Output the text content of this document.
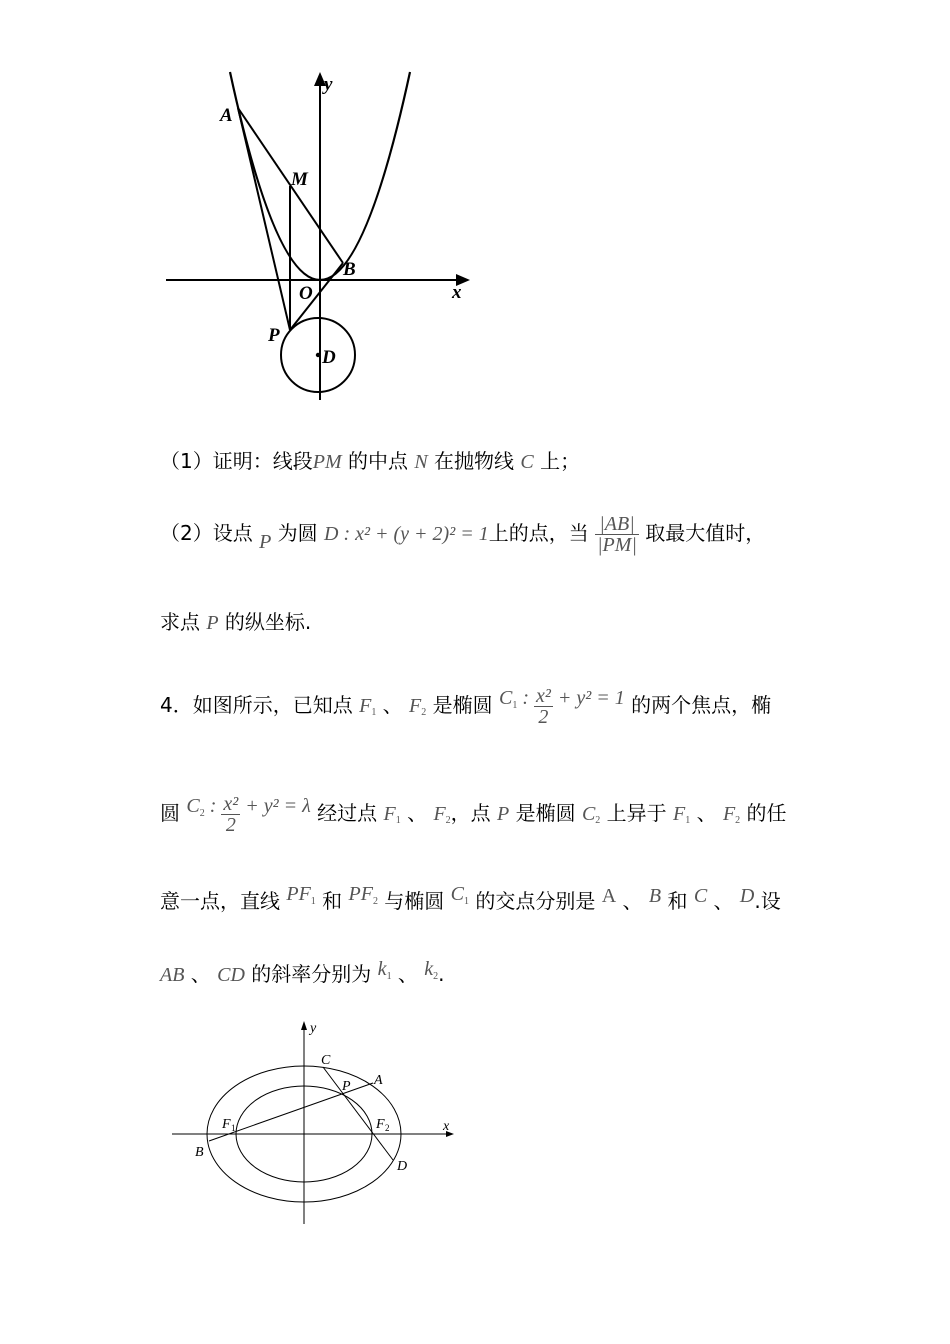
y
x
A
M
B
O
P
D
（1）证明：线段PM 的中点 N 在抛物线 C 上；
（2）设点 P 为圆 D : x² + (y + 2)² = 1上的点，当 $\frac{|AB|}{|PM|}$ 取最大值时，
求点 P 的纵坐标.
4．如图所示，已知点 $F_1$ 、 $F_2$ 是椭圆 $C^1$ : $\frac{\text{x²}}{2} + y^2 = 1$ 的两个焦点，椭
圆 $C^2$ : $\frac{\text{x²}}{2} + y^2 = \lambda$ 经过点 $F_1$ 、 $F_2$，点 P 是椭圆 $C_2$ 上异于 $F_1$ 、 $F_2$ 的任
意一点，直线 $PF^1$ 和 $PF^2$ 与椭圆 $C^1$ 的交点分别是 A 、 B 和 C 、 D.设
AB 、 CD 的斜率分别为 $k^1$ 、 $k^2$.
y
x
C
P A
F 1	F 2
B
D
